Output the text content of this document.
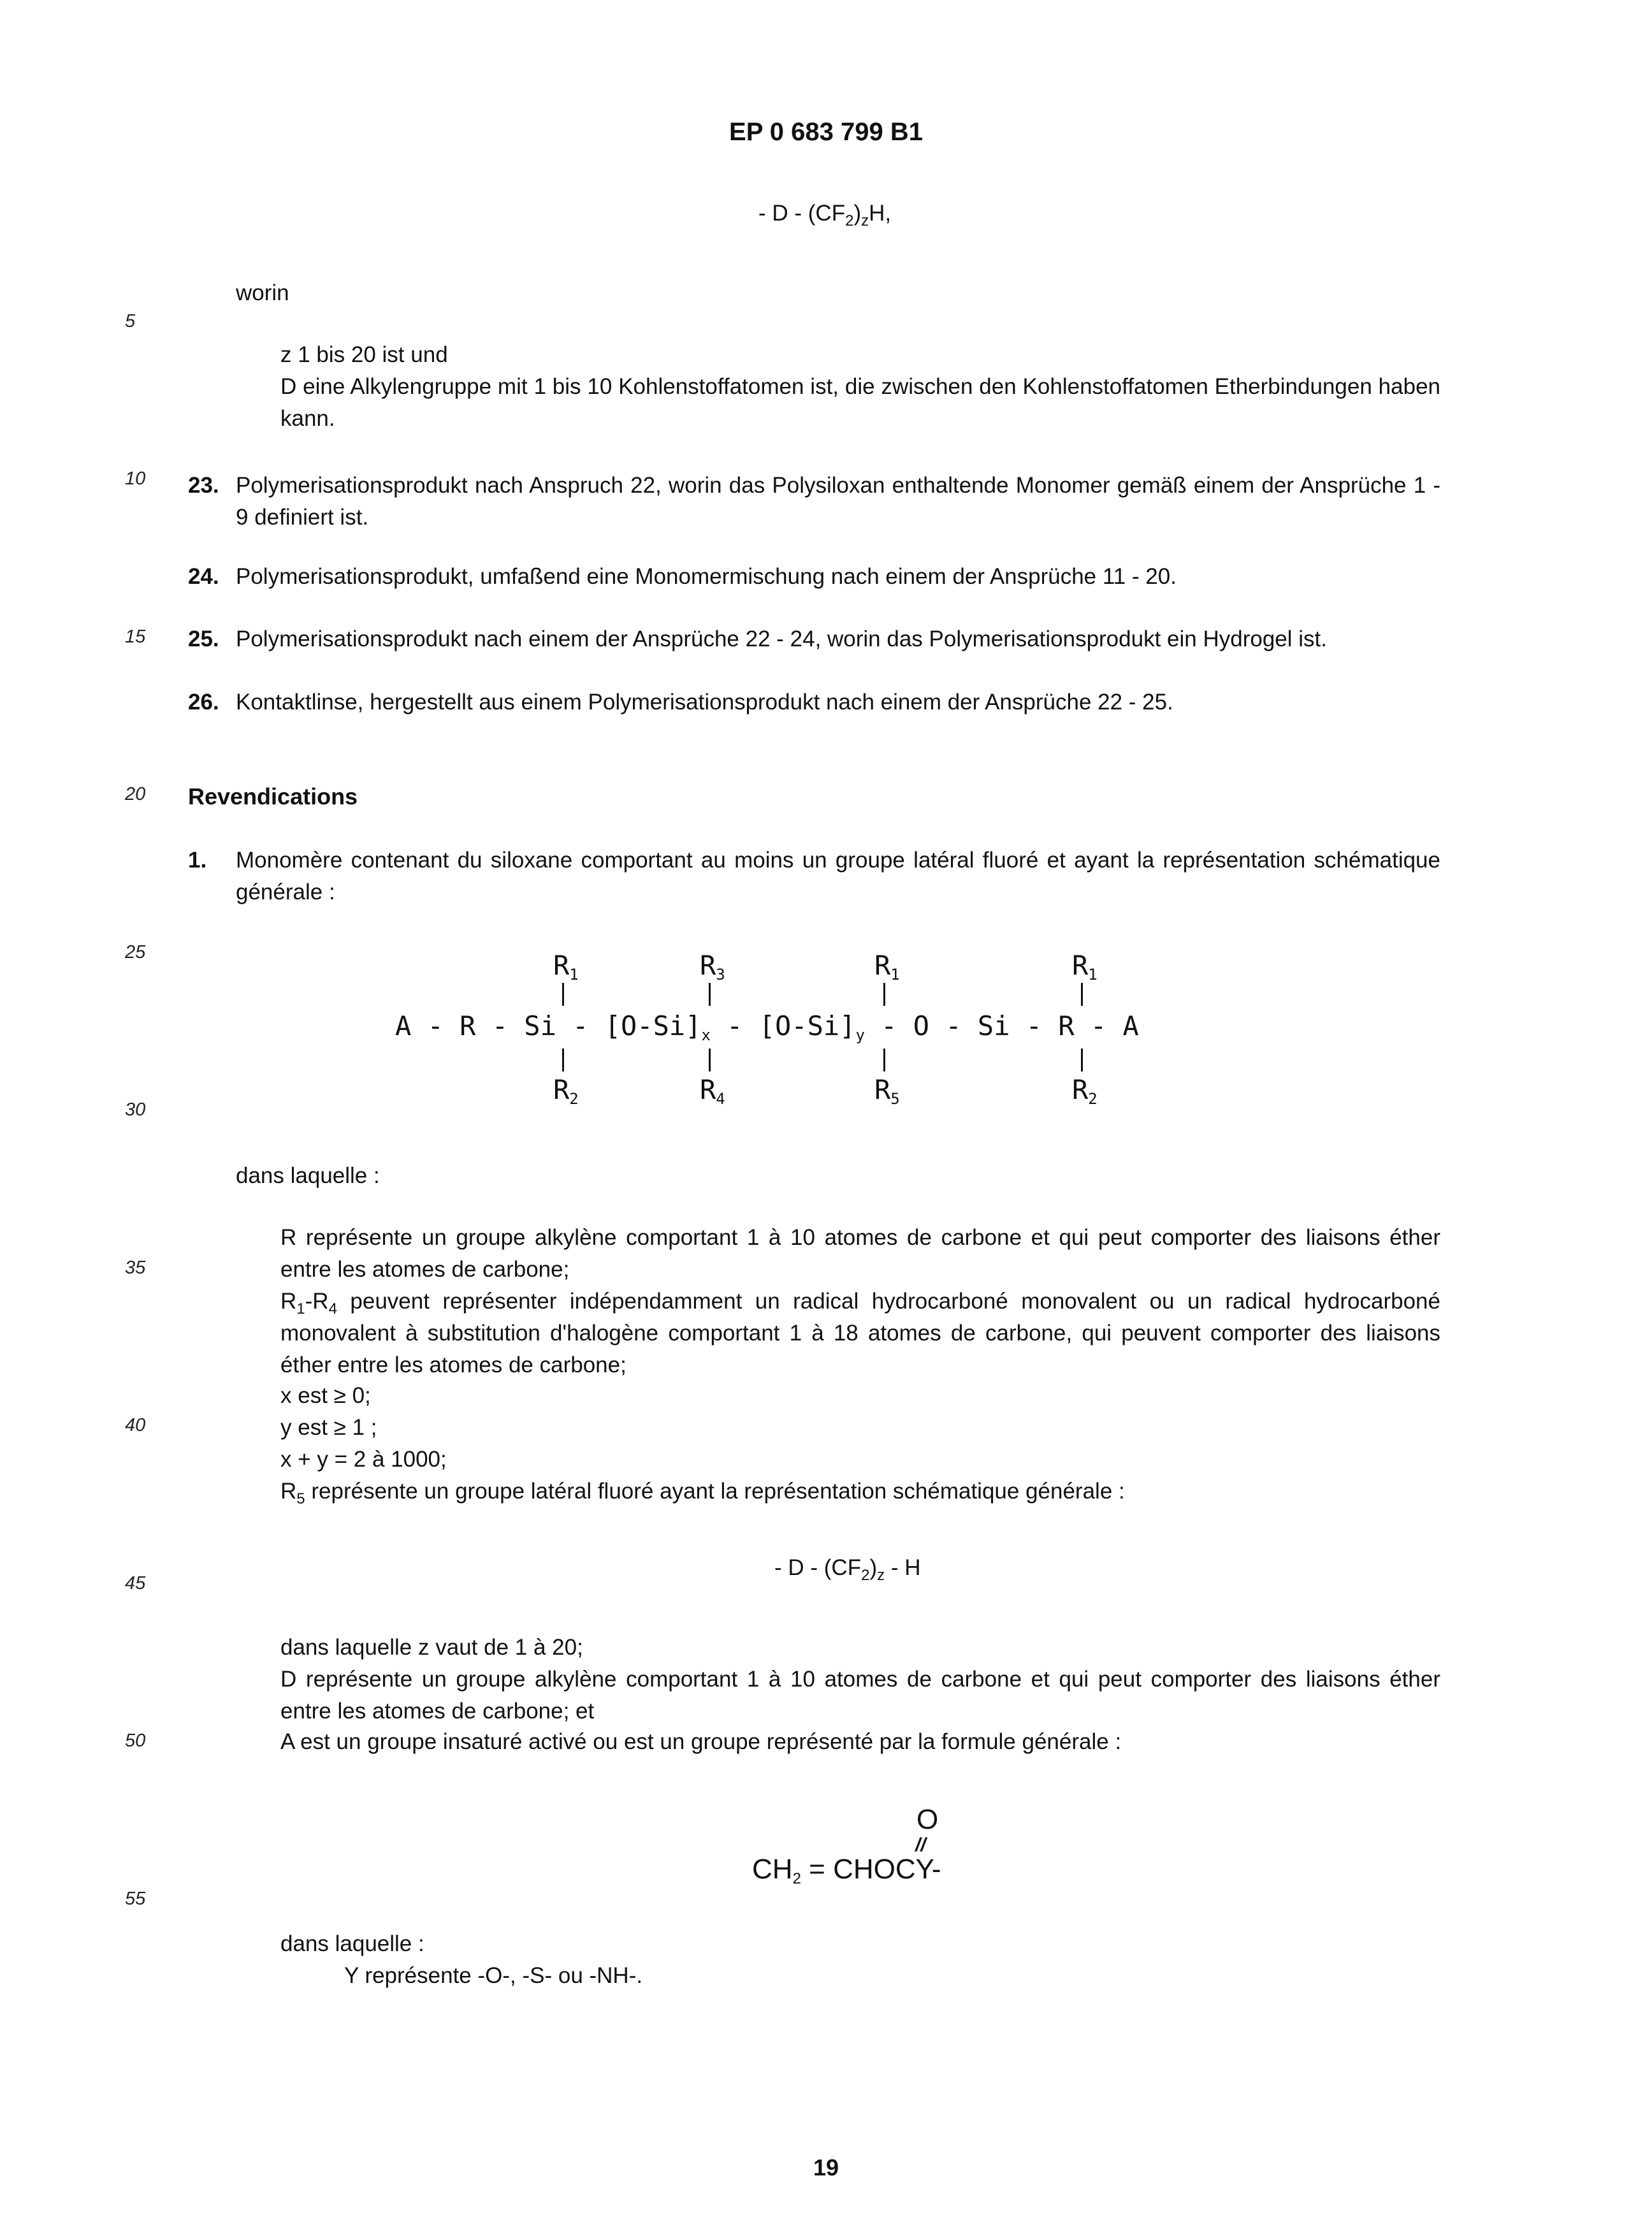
EP 0 683 799 B1
5
10
15
20
25
30
35
40
45
50
55
- D - $(CF_2)_zH$,
worin
z 1 bis 20 ist und
D eine Alkylengruppe mit 1 bis 10 Kohlenstoffatomen ist, die zwischen den Kohlenstoffatomen Etherbindungen haben kann.
23. Polymerisationsprodukt nach Anspruch 22, worin das Polysiloxan enthaltende Monomer gemäß einem der Ansprüche 1 - 9 definiert ist.
24. Polymerisationsprodukt, umfaßend eine Monomermischung nach einem der Ansprüche 11 - 20.
25. Polymerisationsprodukt nach einem der Ansprüche 22 - 24, worin das Polymerisationsprodukt ein Hydrogel ist.
26. Kontaktlinse, hergestellt aus einem Polymerisationsprodukt nach einem der Ansprüche 22 - 25.
Revendications
1. Monomère contenant du siloxane comportant au moins un groupe latéral fluoré et ayant la représentation schématique générale :
$R_1$	$R_3$	$R_1$	$R_1$
A - R - Si - $[O-Si]_x - [O-Si]_y$ - O - Si - R - A
$R_2$	$R_4$	$R_5$	$R_2$
dans laquelle :
R représente un groupe alkylène comportant 1 à 10 atomes de carbone et qui peut comporter des liaisons éther entre les atomes de carbone;
$R_1-R_4$ peuvent représenter indépendamment un radical hydrocarboné monovalent ou un radical hydrocarboné monovalent à substitution d'halogène comportant 1 à 18 atomes de carbone, qui peuvent comporter des liaisons éther entre les atomes de carbone;
x est ≥ 0;
y est ≥ 1 ;
x + y = 2 à 1000;
$R_5$ représente un groupe latéral fluoré ayant la représentation schématique générale :
- D - $(CF_2)_z$ - H
dans laquelle z vaut de 1 à 20;
D représente un groupe alkylène comportant 1 à 10 atomes de carbone et qui peut comporter des liaisons éther entre les atomes de carbone; et
A est un groupe insaturé activé ou est un groupe représenté par la formule générale :
O
//
$CH_2$ = CHOCY-
dans laquelle :
Y représente -O-, -S- ou -NH-.
19
